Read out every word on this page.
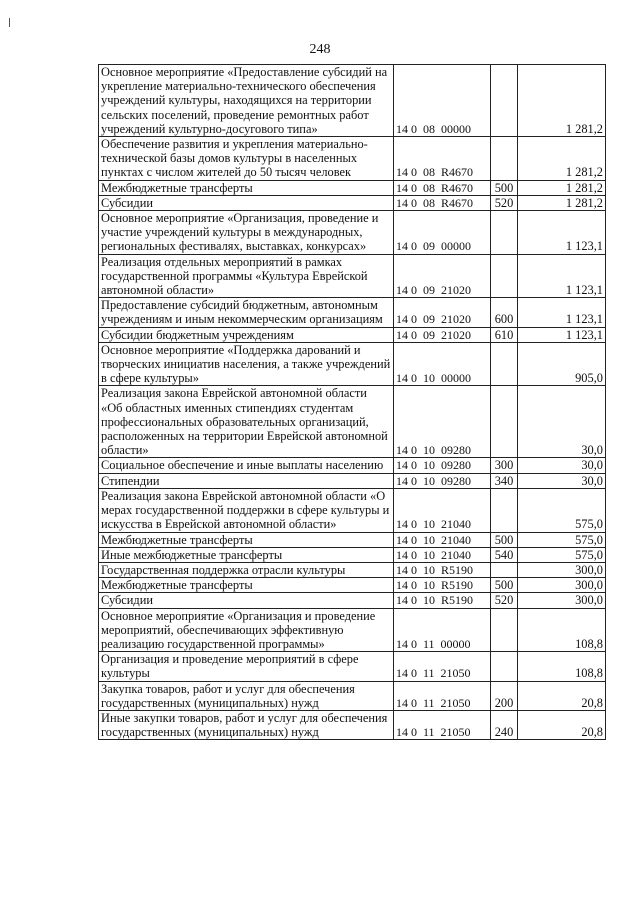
248
Основное мероприятие «Предоставление субсидий на укрепление материально-технического обеспечения учреждений культуры, находящихся на территории сельских поселений, проведение ремонтных работ учреждений культурно-досугового типа»	14 0  08  00000		1 281,2
Обеспечение развития и укрепления материально-технической базы домов культуры в населенных пунктах с числом жителей до 50 тысяч человек	14 0  08  R4670		1 281,2
Межбюджетные трансферты	14 0  08  R4670	500	1 281,2
Субсидии	14 0  08  R4670	520	1 281,2
Основное мероприятие «Организация, проведение и участие учреждений культуры в международных, региональных фестивалях, выставках, конкурсах»	14 0  09  00000		1 123,1
Реализация отдельных мероприятий в рамках государственной программы «Культура Еврейской автономной области»	14 0  09  21020		1 123,1
Предоставление субсидий бюджетным, автономным учреждениям и иным некоммерческим организациям	14 0  09  21020	600	1 123,1
Субсидии бюджетным учреждениям	14 0  09  21020	610	1 123,1
Основное мероприятие «Поддержка дарований и творческих инициатив населения, а также учреждений в сфере культуры»	14 0  10  00000		905,0
Реализация закона Еврейской автономной области «Об областных именных стипендиях студентам профессиональных образовательных организаций, расположенных на территории Еврейской автономной области»	14 0  10  09280		30,0
Социальное обеспечение и иные выплаты населению	14 0  10  09280	300	30,0
Стипендии	14 0  10  09280	340	30,0
Реализация закона Еврейской автономной области «О мерах государственной поддержки в сфере культуры и искусства в Еврейской автономной области»	14 0  10  21040		575,0
Межбюджетные трансферты	14 0  10  21040	500	575,0
Иные межбюджетные трансферты	14 0  10  21040	540	575,0
Государственная поддержка отрасли культуры	14 0  10  R5190		300,0
Межбюджетные трансферты	14 0  10  R5190	500	300,0
Субсидии	14 0  10  R5190	520	300,0
Основное мероприятие «Организация и проведение мероприятий, обеспечивающих эффективную реализацию государственной программы»	14 0  11  00000		108,8
Организация и проведение мероприятий в сфере культуры	14 0  11  21050		108,8
Закупка товаров, работ и услуг для обеспечения государственных (муниципальных) нужд	14 0  11  21050	200	20,8
Иные закупки товаров, работ и услуг для обеспечения государственных (муниципальных) нужд	14 0  11  21050	240	20,8
